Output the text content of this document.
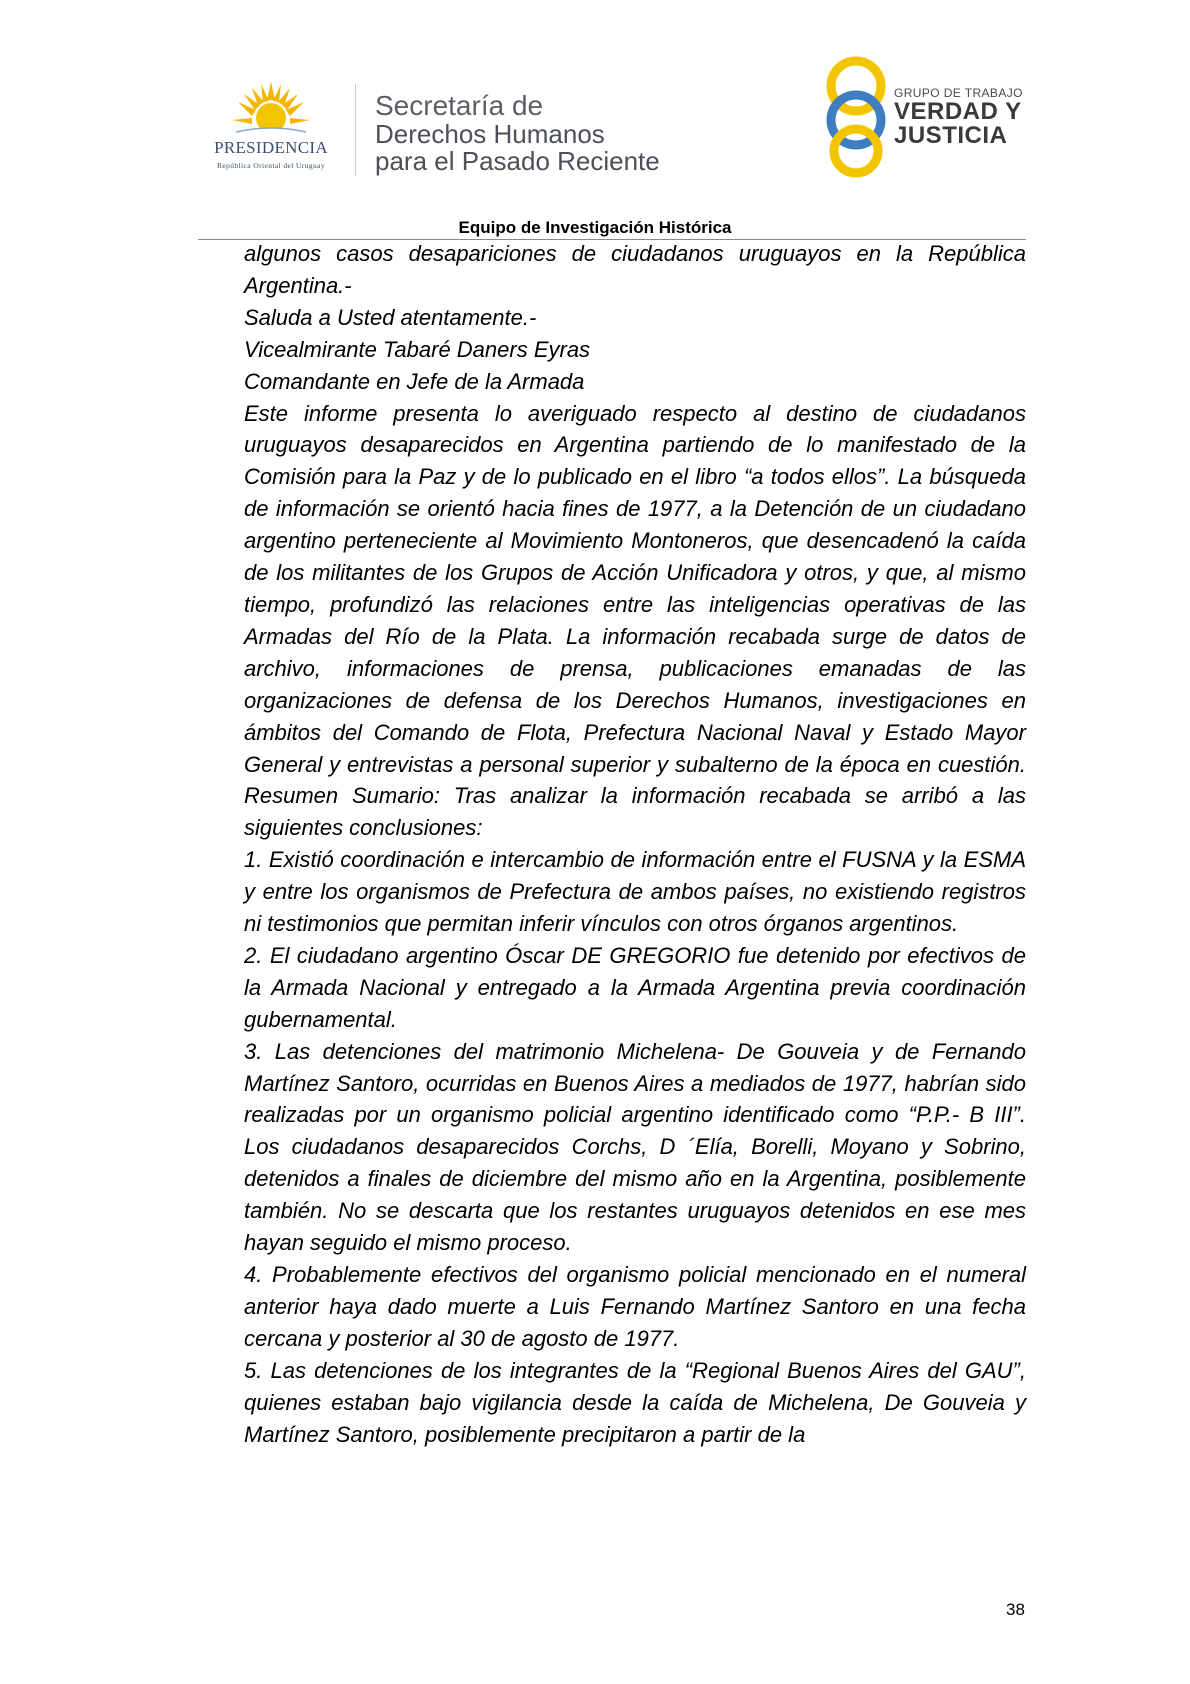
PRESIDENCIA
República Oriental del Uruguay
Secretaría de
Derechos Humanos
para el Pasado Reciente
GRUPO DE TRABAJO
VERDAD Y
JUSTICIA
Equipo de Investigación Histórica

algunos casos desapariciones de ciudadanos uruguayos en la República Argentina.-

Saluda a Usted atentamente.-

Vicealmirante Tabaré Daners Eyras

Comandante en Jefe de la Armada

Este informe presenta lo averiguado respecto al destino de ciudadanos uruguayos desaparecidos en Argentina partiendo de lo manifestado de la Comisión para la Paz y de lo publicado en el libro “a todos ellos”. La búsqueda de información se orientó hacia fines de 1977, a la Detención de un ciudadano argentino perteneciente al Movimiento Montoneros, que desencadenó la caída de los militantes de los Grupos de Acción Unificadora y otros, y que, al mismo tiempo, profundizó las relaciones entre las inteligencias operativas de las Armadas del Río de la Plata. La información recabada surge de datos de archivo, informaciones de prensa, publicaciones emanadas de las organizaciones de defensa de los Derechos Humanos, investigaciones en ámbitos del Comando de Flota, Prefectura Nacional Naval y Estado Mayor General y entrevistas a personal superior y subalterno de la época en cuestión. Resumen Sumario: Tras analizar la información recabada se arribó a las siguientes conclusiones:

1. Existió coordinación e intercambio de información entre el FUSNA y la ESMA y entre los organismos de Prefectura de ambos países, no existiendo registros ni testimonios que permitan inferir vínculos con otros órganos argentinos.

2. El ciudadano argentino Óscar DE GREGORIO fue detenido por efectivos de la Armada Nacional y entregado a la Armada Argentina previa coordinación gubernamental.

3. Las detenciones del matrimonio Michelena- De Gouveia y de Fernando Martínez Santoro, ocurridas en Buenos Aires a mediados de 1977, habrían sido realizadas por un organismo policial argentino identificado como “P.P.- B III”. Los ciudadanos desaparecidos Corchs, D ´Elía, Borelli, Moyano y Sobrino, detenidos a finales de diciembre del mismo año en la Argentina, posiblemente también. No se descarta que los restantes uruguayos detenidos en ese mes hayan seguido el mismo proceso.

4. Probablemente efectivos del organismo policial mencionado en el numeral anterior haya dado muerte a Luis Fernando Martínez Santoro en una fecha cercana y posterior al 30 de agosto de 1977.

5. Las detenciones de los integrantes de la “Regional Buenos Aires del GAU”, quienes estaban bajo vigilancia desde la caída de Michelena, De Gouveia y Martínez Santoro, posiblemente precipitaron a partir de la

38
